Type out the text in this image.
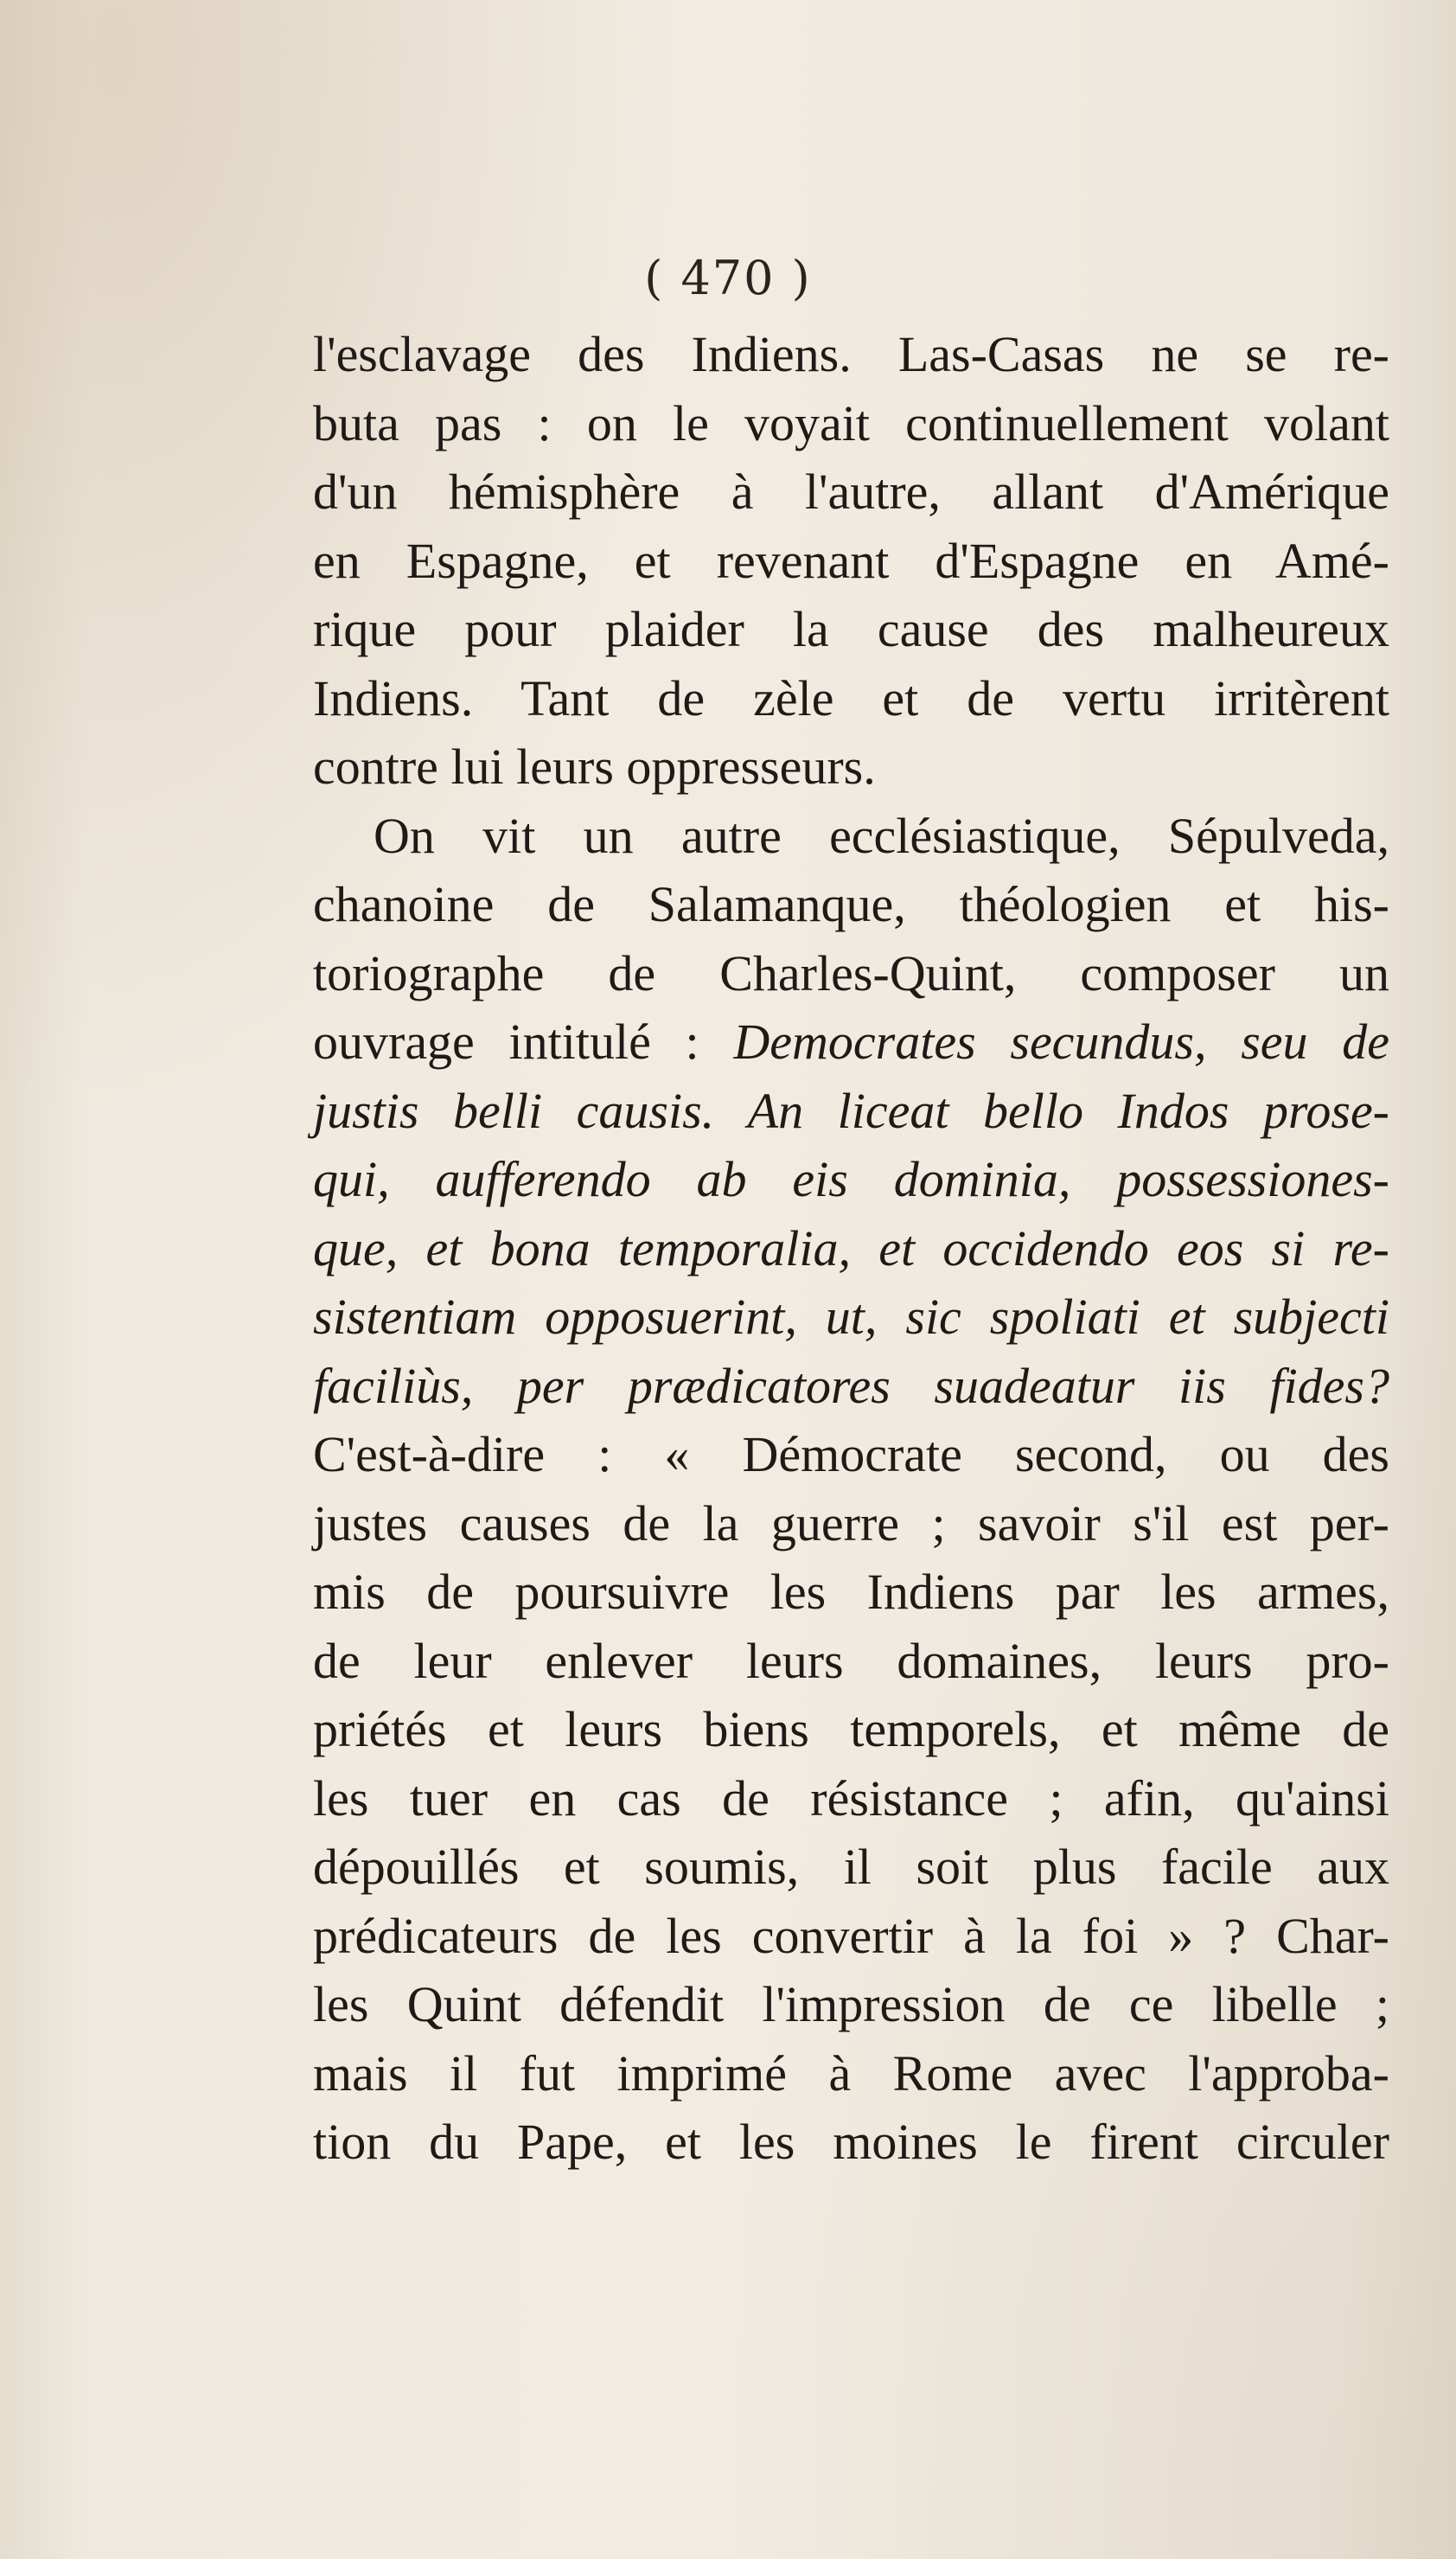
( 470 )
l'esclavage des Indiens. Las-Casas ne se re-
buta pas : on le voyait continuellement volant
d'un hémisphère à l'autre, allant d'Amérique
en Espagne, et revenant d'Espagne en Amé-
rique pour plaider la cause des malheureux
Indiens. Tant de zèle et de vertu irritèrent
contre lui leurs oppresseurs.
On vit un autre ecclésiastique, Sépulveda,
chanoine de Salamanque, théologien et his-
toriographe de Charles-Quint, composer un
ouvrage intitulé : Democrates secundus, seu de
justis belli causis. An liceat bello Indos prose-
qui, aufferendo ab eis dominia, possessiones-
que, et bona temporalia, et occidendo eos si re-
sistentiam opposuerint, ut, sic spoliati et subjecti
faciliùs, per prædicatores suadeatur iis fides?
C'est-à-dire : « Démocrate second, ou des
justes causes de la guerre ; savoir s'il est per-
mis de poursuivre les Indiens par les armes,
de leur enlever leurs domaines, leurs pro-
priétés et leurs biens temporels, et même de
les tuer en cas de résistance ; afin, qu'ainsi
dépouillés et soumis, il soit plus facile aux
prédicateurs de les convertir à la foi » ? Char-
les Quint défendit l'impression de ce libelle ;
mais il fut imprimé à Rome avec l'approba-
tion du Pape, et les moines le firent circuler
